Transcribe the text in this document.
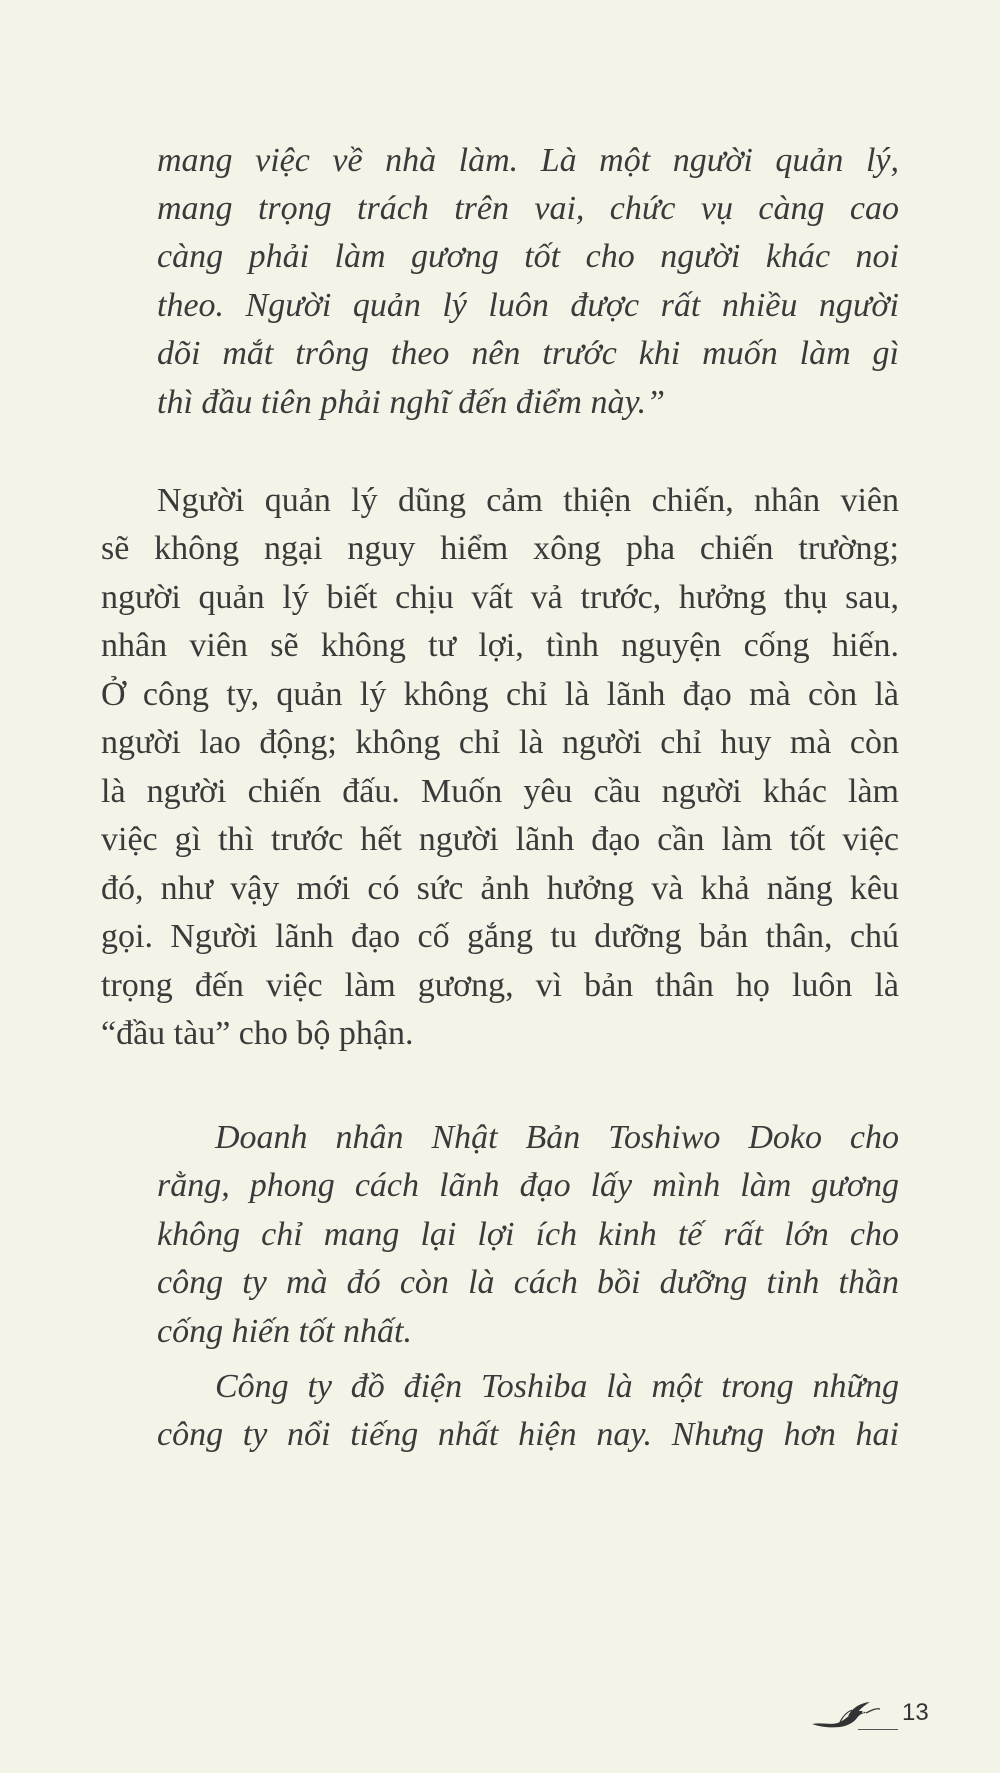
mang việc về nhà làm. Là một người quản lý,
mang trọng trách trên vai, chức vụ càng cao
càng phải làm gương tốt cho người khác noi
theo. Người quản lý luôn được rất nhiều người
dõi mắt trông theo nên trước khi muốn làm gì
thì đầu tiên phải nghĩ đến điểm này.”
Người quản lý dũng cảm thiện chiến, nhân viên
sẽ không ngại nguy hiểm xông pha chiến trường;
người quản lý biết chịu vất vả trước, hưởng thụ sau,
nhân viên sẽ không tư lợi, tình nguyện cống hiến.
Ở công ty, quản lý không chỉ là lãnh đạo mà còn là
người lao động; không chỉ là người chỉ huy mà còn
là người chiến đấu. Muốn yêu cầu người khác làm
việc gì thì trước hết người lãnh đạo cần làm tốt việc
đó, như vậy mới có sức ảnh hưởng và khả năng kêu
gọi. Người lãnh đạo cố gắng tu dưỡng bản thân, chú
trọng đến việc làm gương, vì bản thân họ luôn là
“đầu tàu” cho bộ phận.
Doanh nhân Nhật Bản Toshiwo Doko cho
rằng, phong cách lãnh đạo lấy mình làm gương
không chỉ mang lại lợi ích kinh tế rất lớn cho
công ty mà đó còn là cách bồi dưỡng tinh thần
cống hiến tốt nhất.
Công ty đồ điện Toshiba là một trong những
công ty nổi tiếng nhất hiện nay. Nhưng hơn hai
13
